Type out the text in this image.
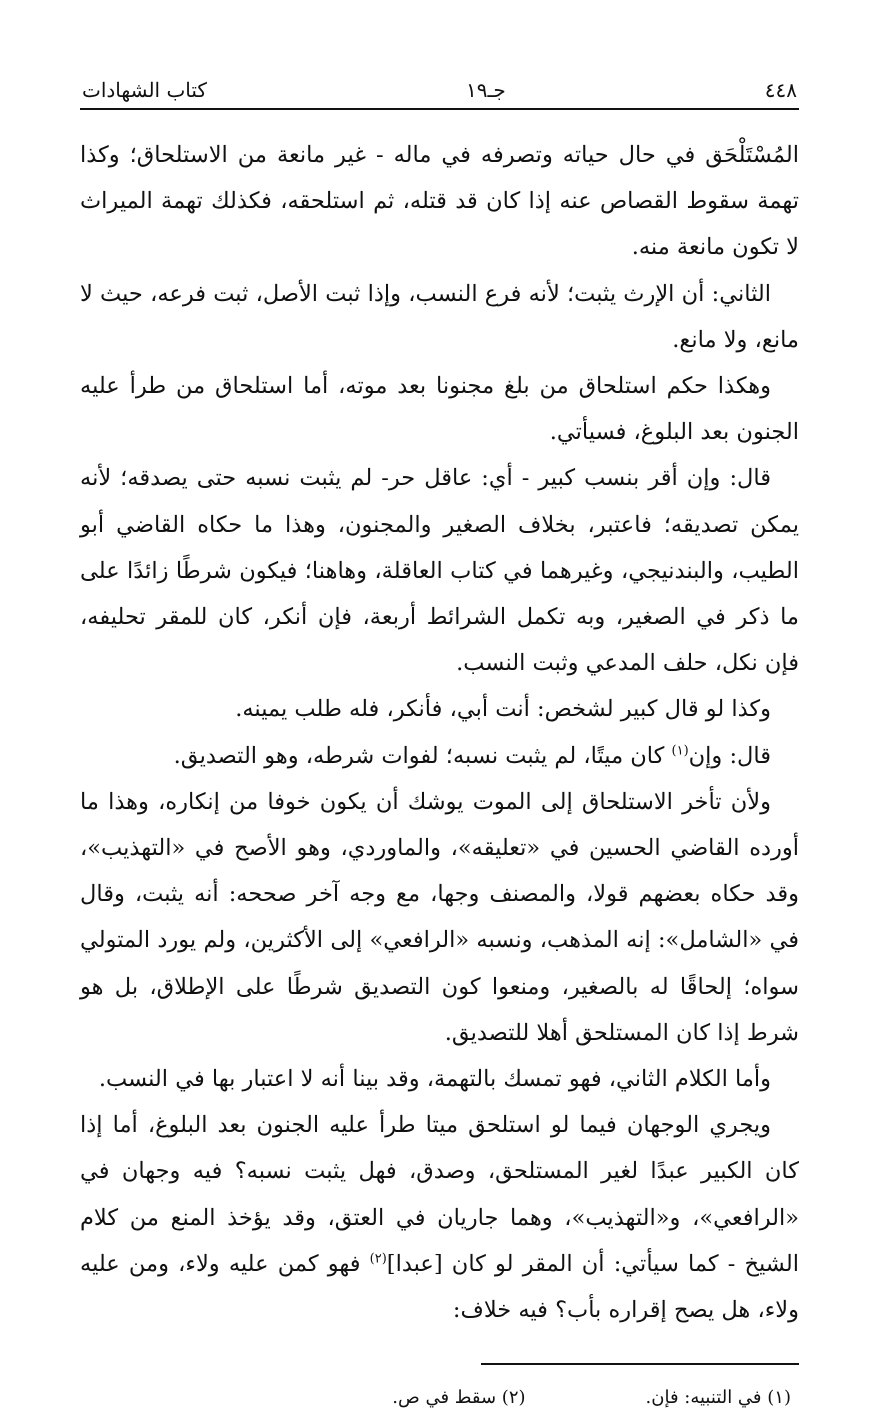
٤٤٨
جـ١٩
كتاب الشهادات

المُسْتَلْحَق في حال حياته وتصرفه في ماله - غير مانعة من الاستلحاق؛ وكذا تهمة سقوط القصاص عنه إذا كان قد قتله، ثم استلحقه، فكذلك تهمة الميراث لا تكون مانعة منه.

الثاني: أن الإرث يثبت؛ لأنه فرع النسب، وإذا ثبت الأصل، ثبت فرعه، حيث لا مانع، ولا مانع.

وهكذا حكم استلحاق من بلغ مجنونا بعد موته، أما استلحاق من طرأ عليه الجنون بعد البلوغ، فسيأتي.

قال: وإن أقر بنسب كبير - أي: عاقل حر- لم يثبت نسبه حتى يصدقه؛ لأنه يمكن تصديقه؛ فاعتبر، بخلاف الصغير والمجنون، وهذا ما حكاه القاضي أبو الطيب، والبندنيجي، وغيرهما في كتاب العاقلة، وهاهنا؛ فيكون شرطًا زائدًا على ما ذكر في الصغير، وبه تكمل الشرائط أربعة، فإن أنكر، كان للمقر تحليفه، فإن نكل، حلف المدعي وثبت النسب.

وكذا لو قال كبير لشخص: أنت أبي، فأنكر، فله طلب يمينه.

قال: وإن$^{(١)}$ كان ميتًا، لم يثبت نسبه؛ لفوات شرطه، وهو التصديق.

ولأن تأخر الاستلحاق إلى الموت يوشك أن يكون خوفا من إنكاره، وهذا ما أورده القاضي الحسين في «تعليقه»، والماوردي، وهو الأصح في «التهذيب»، وقد حكاه بعضهم قولا، والمصنف وجها، مع وجه آخر صححه: أنه يثبت، وقال في «الشامل»: إنه المذهب، ونسبه «الرافعي» إلى الأكثرين، ولم يورد المتولي سواه؛ إلحاقًا له بالصغير، ومنعوا كون التصديق شرطًا على الإطلاق، بل هو شرط إذا كان المستلحق أهلا للتصديق.

وأما الكلام الثاني، فهو تمسك بالتهمة، وقد بينا أنه لا اعتبار بها في النسب.

ويجري الوجهان فيما لو استلحق ميتا طرأ عليه الجنون بعد البلوغ، أما إذا كان الكبير عبدًا لغير المستلحق، وصدق، فهل يثبت نسبه؟ فيه وجهان في «الرافعي»، و«التهذيب»، وهما جاريان في العتق، وقد يؤخذ المنع من كلام الشيخ - كما سيأتي: أن المقر لو كان [عبدا]$^{(٢)}$ فهو كمن عليه ولاء، ومن عليه ولاء، هل يصح إقراره بأب؟ فيه خلاف:

(١) في التنبيه: فإن.
(٢) سقط في ص.
